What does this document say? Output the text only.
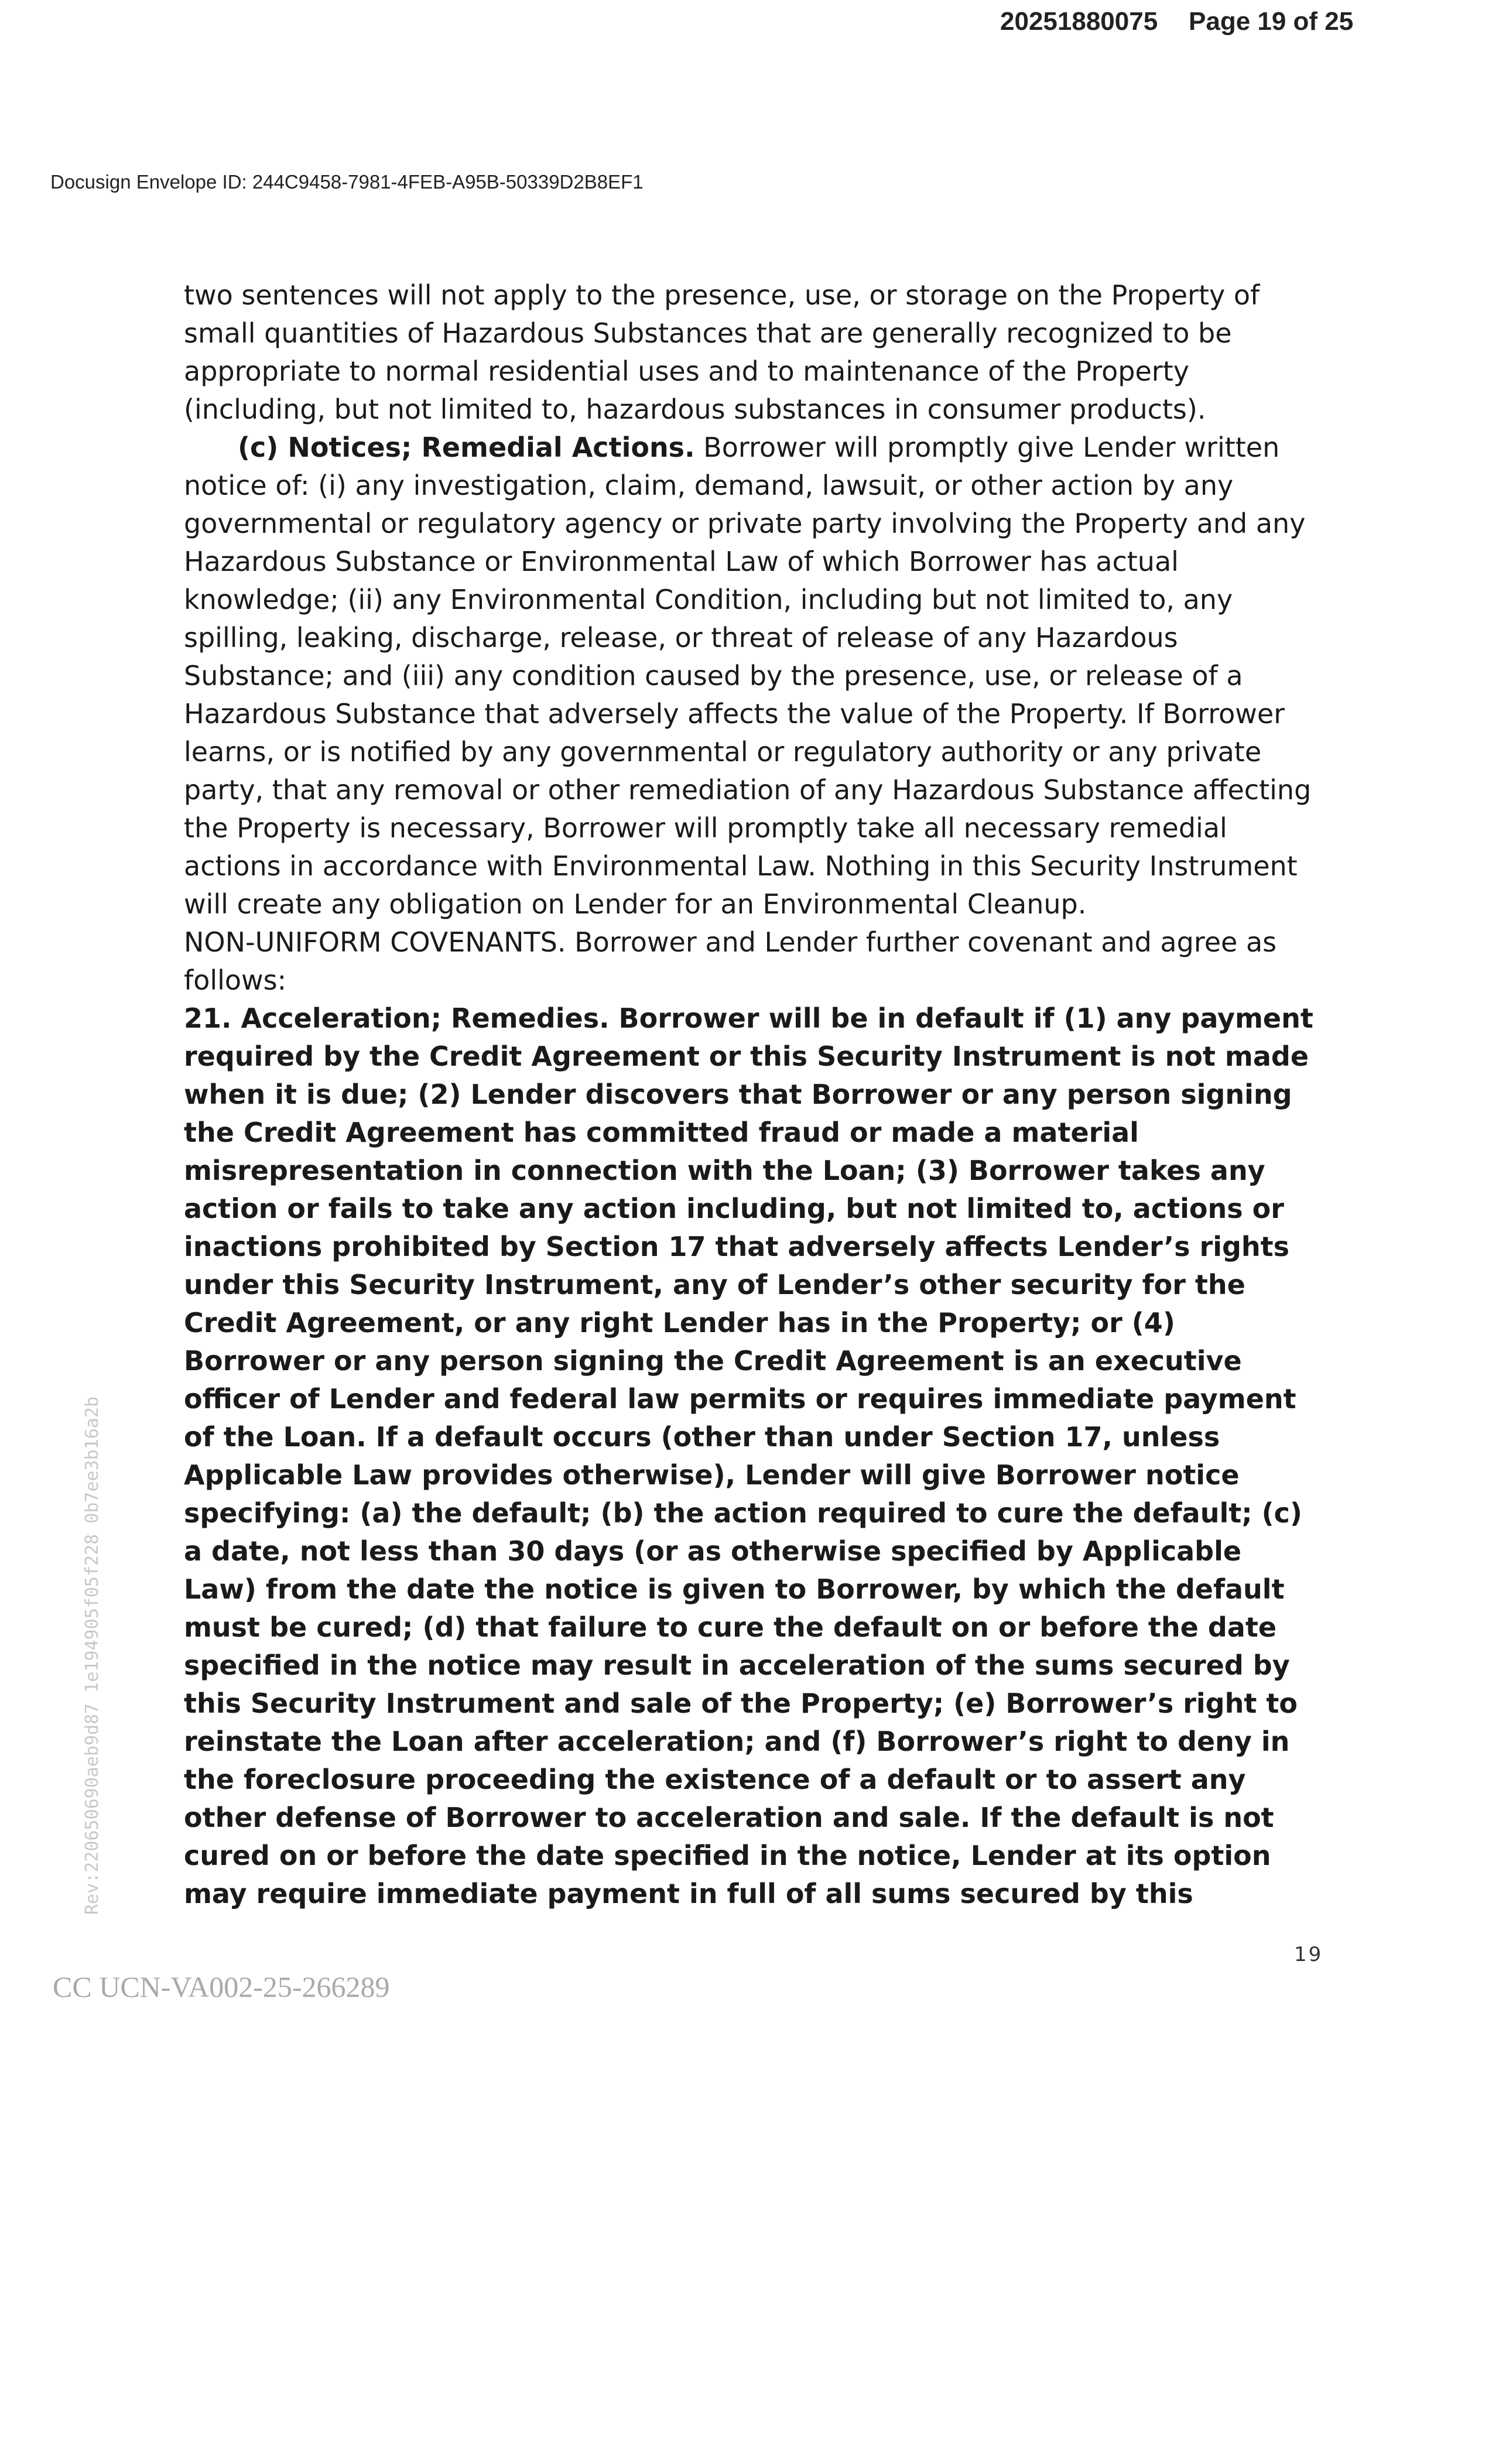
20251880075 Page 19 of 25
Docusign Envelope ID: 244C9458-7981-4FEB-A95B-50339D2B8EF1

two sentences will not apply to the presence, use, or storage on the Property of small quantities of Hazardous Substances that are generally recognized to be appropriate to normal residential uses and to maintenance of the Property (including, but not limited to, hazardous substances in consumer products).

(c) Notices; Remedial Actions. Borrower will promptly give Lender written notice of: (i) any investigation, claim, demand, lawsuit, or other action by any governmental or regulatory agency or private party involving the Property and any Hazardous Substance or Environmental Law of which Borrower has actual knowledge; (ii) any Environmental Condition, including but not limited to, any spilling, leaking, discharge, release, or threat of release of any Hazardous Substance; and (iii) any condition caused by the presence, use, or release of a Hazardous Substance that adversely affects the value of the Property. If Borrower learns, or is notified by any governmental or regulatory authority or any private party, that any removal or other remediation of any Hazardous Substance affecting the Property is necessary, Borrower will promptly take all necessary remedial actions in accordance with Environmental Law. Nothing in this Security Instrument will create any obligation on Lender for an Environmental Cleanup.

NON-UNIFORM COVENANTS. Borrower and Lender further covenant and agree as follows:

21. Acceleration; Remedies. Borrower will be in default if (1) any payment required by the Credit Agreement or this Security Instrument is not made when it is due; (2) Lender discovers that Borrower or any person signing the Credit Agreement has committed fraud or made a material misrepresentation in connection with the Loan; (3) Borrower takes any action or fails to take any action including, but not limited to, actions or inactions prohibited by Section 17 that adversely affects Lender’s rights under this Security Instrument, any of Lender’s other security for the Credit Agreement, or any right Lender has in the Property; or (4) Borrower or any person signing the Credit Agreement is an executive officer of Lender and federal law permits or requires immediate payment of the Loan. If a default occurs (other than under Section 17, unless Applicable Law provides otherwise), Lender will give Borrower notice specifying: (a) the default; (b) the action required to cure the default; (c) a date, not less than 30 days (or as otherwise specified by Applicable Law) from the date the notice is given to Borrower, by which the default must be cured; (d) that failure to cure the default on or before the date specified in the notice may result in acceleration of the sums secured by this Security Instrument and sale of the Property; (e) Borrower’s right to reinstate the Loan after acceleration; and (f) Borrower’s right to deny in the foreclosure proceeding the existence of a default or to assert any other defense of Borrower to acceleration and sale. If the default is not cured on or before the date specified in the notice, Lender at its option may require immediate payment in full of all sums secured by this

Rev:220650690aeb9d87 1e194905f05f228 0b7ee3b16a2b
19
CC UCN-VA002-25-266289
